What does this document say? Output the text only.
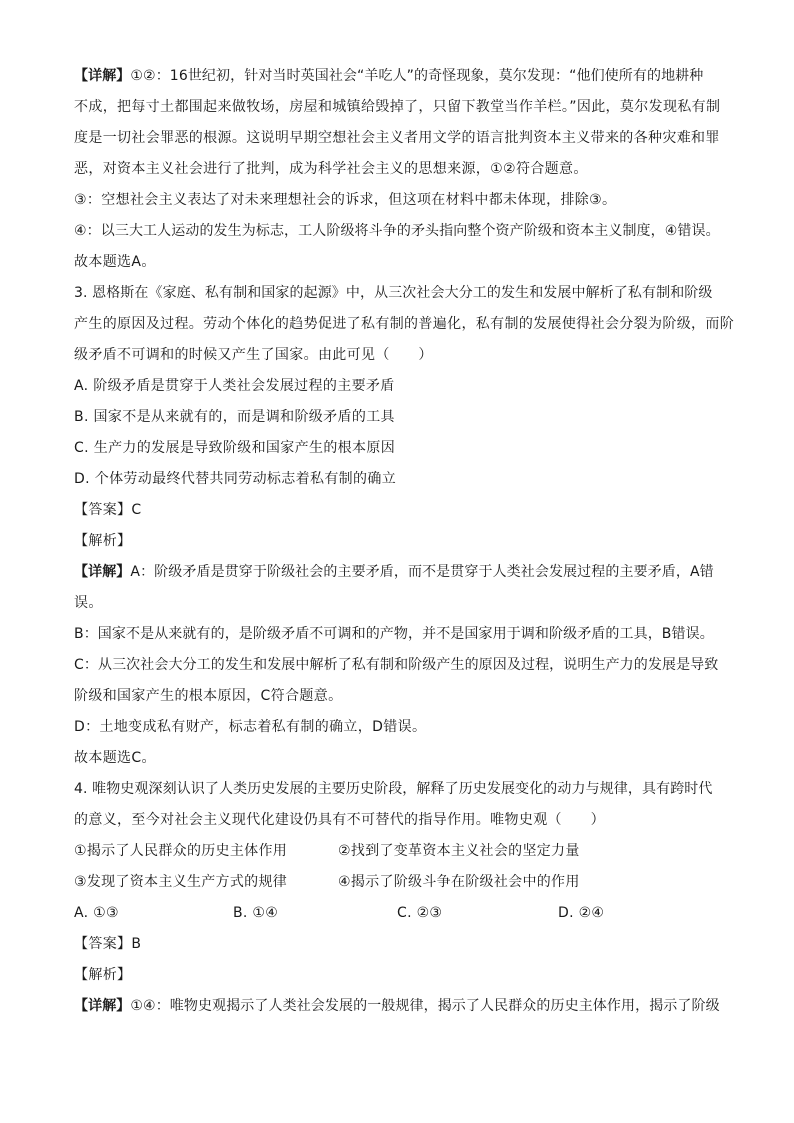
【详解】①②：16世纪初，针对当时英国社会“羊吃人”的奇怪现象，莫尔发现：“他们使所有的地耕种
不成，把每寸土都围起来做牧场，房屋和城镇给毁掉了，只留下教堂当作羊栏。”因此，莫尔发现私有制
度是一切社会罪恶的根源。这说明早期空想社会主义者用文学的语言批判资本主义带来的各种灾难和罪
恶，对资本主义社会进行了批判，成为科学社会主义的思想来源，①②符合题意。
③：空想社会主义表达了对未来理想社会的诉求，但这项在材料中都未体现，排除③。
④：以三大工人运动的发生为标志，工人阶级将斗争的矛头指向整个资产阶级和资本主义制度，④错误。
故本题选A。
3. 恩格斯在《家庭、私有制和国家的起源》中，从三次社会大分工的发生和发展中解析了私有制和阶级
产生的原因及过程。劳动个体化的趋势促进了私有制的普遍化，私有制的发展使得社会分裂为阶级，而阶
级矛盾不可调和的时候又产生了国家。由此可见（　　）
A. 阶级矛盾是贯穿于人类社会发展过程的主要矛盾
B. 国家不是从来就有的，而是调和阶级矛盾的工具
C. 生产力的发展是导致阶级和国家产生的根本原因
D. 个体劳动最终代替共同劳动标志着私有制的确立
【答案】C
【解析】
【详解】A：阶级矛盾是贯穿于阶级社会的主要矛盾，而不是贯穿于人类社会发展过程的主要矛盾，A错
误。
B：国家不是从来就有的，是阶级矛盾不可调和的产物，并不是国家用于调和阶级矛盾的工具，B错误。
C：从三次社会大分工的发生和发展中解析了私有制和阶级产生的原因及过程，说明生产力的发展是导致
阶级和国家产生的根本原因，C符合题意。
D：土地变成私有财产，标志着私有制的确立，D错误。
故本题选C。
4. 唯物史观深刻认识了人类历史发展的主要历史阶段，解释了历史发展变化的动力与规律，具有跨时代
的意义，至今对社会主义现代化建设仍具有不可替代的指导作用。唯物史观（　　）
①揭示了人民群众的历史主体作用	②找到了变革资本主义社会的坚定力量
③发现了资本主义生产方式的规律	④揭示了阶级斗争在阶级社会中的作用
A. ①③	B. ①④	C. ②③	D. ②④
【答案】B
【解析】
【详解】①④：唯物史观揭示了人类社会发展的一般规律，揭示了人民群众的历史主体作用，揭示了阶级
